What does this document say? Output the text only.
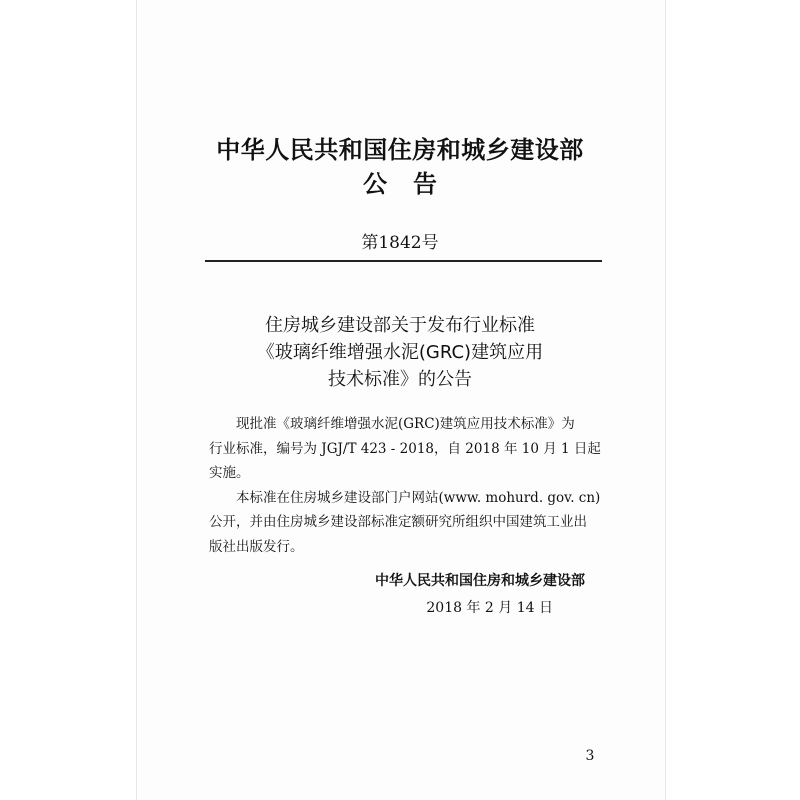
中华人民共和国住房和城乡建设部
公告
第1842号
住房城乡建设部关于发布行业标准
《玻璃纤维增强水泥(GRC)建筑应用
技术标准》的公告
现批准《玻璃纤维增强水泥(GRC)建筑应用技术标准》为
行业标准，编号为 JGJ/T 423 - 2018，自 2018 年 10 月 1 日起
实施。
本标准在住房城乡建设部门户网站(www. mohurd. gov. cn)
公开，并由住房城乡建设部标准定额研究所组织中国建筑工业出
版社出版发行。
中华人民共和国住房和城乡建设部
2018 年 2 月 14 日
3
